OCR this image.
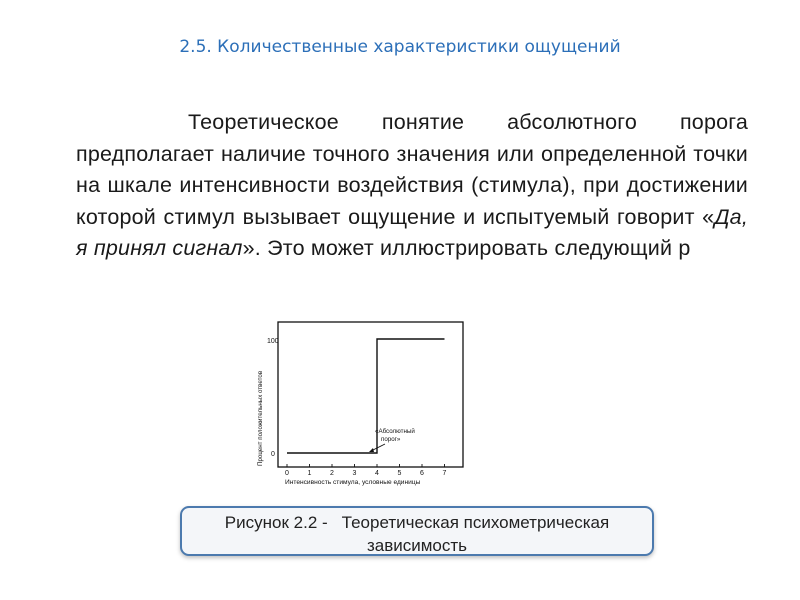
2.5. Количественные характеристики ощущений
Теоретическое понятие абсолютного порога предполагает наличие точного значения или определенной точки на шкале интенсивности воздействия (стимула), при достижении которой стимул вызывает ощущение и испытуемый говорит «Да, я принял сигнал». Это может иллюстрировать следующий р
Процент положительных ответов
100
0
0	1	2	3	4	5	6	7
Интенсивность стимула, условные единицы
«Абсолютный
порог»
Рисунок 2.2 - Теоретическая психометрическая зависимость
